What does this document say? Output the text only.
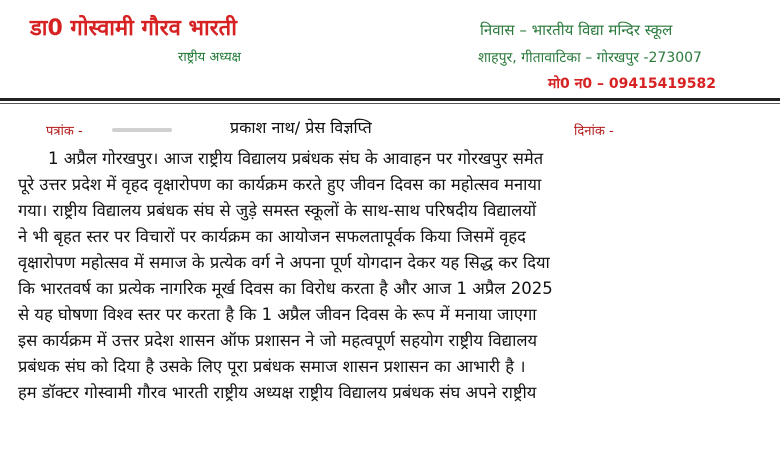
डा0 गोस्वामी गौरव भारती
राष्ट्रीय अध्यक्ष
निवास – भारतीय विद्या मन्दिर स्कूल
शाहपुर, गीतावाटिका – गोरखपुर -273007
मो0 न0 – 09415419582
पत्रांक -	प्रकाश नाथ/ प्रेस विज्ञप्ति	दिनांक -
1 अप्रैल गोरखपुर। आज राष्ट्रीय विद्यालय प्रबंधक संघ के आवाहन पर गोरखपुर समेत
पूरे उत्तर प्रदेश में वृहद वृक्षारोपण का कार्यक्रम करते हुए जीवन दिवस का महोत्सव मनाया
गया। राष्ट्रीय विद्यालय प्रबंधक संघ से जुड़े समस्त स्कूलों के साथ-साथ परिषदीय विद्यालयों
ने भी बृहत स्तर पर विचारों पर कार्यक्रम का आयोजन सफलतापूर्वक किया जिसमें वृहद
वृक्षारोपण महोत्सव में समाज के प्रत्येक वर्ग ने अपना पूर्ण योगदान देकर यह सिद्ध कर दिया
कि भारतवर्ष का प्रत्येक नागरिक मूर्ख दिवस का विरोध करता है और आज 1 अप्रैल 2025
से यह घोषणा विश्व स्तर पर करता है कि 1 अप्रैल जीवन दिवस के रूप में मनाया जाएगा
इस कार्यक्रम में उत्तर प्रदेश शासन ऑफ प्रशासन ने जो महत्वपूर्ण सहयोग राष्ट्रीय विद्यालय
प्रबंधक संघ को दिया है उसके लिए पूरा प्रबंधक समाज शासन प्रशासन का आभारी है ।
हम डॉक्टर गोस्वामी गौरव भारती राष्ट्रीय अध्यक्ष राष्ट्रीय विद्यालय प्रबंधक संघ अपने राष्ट्रीय
